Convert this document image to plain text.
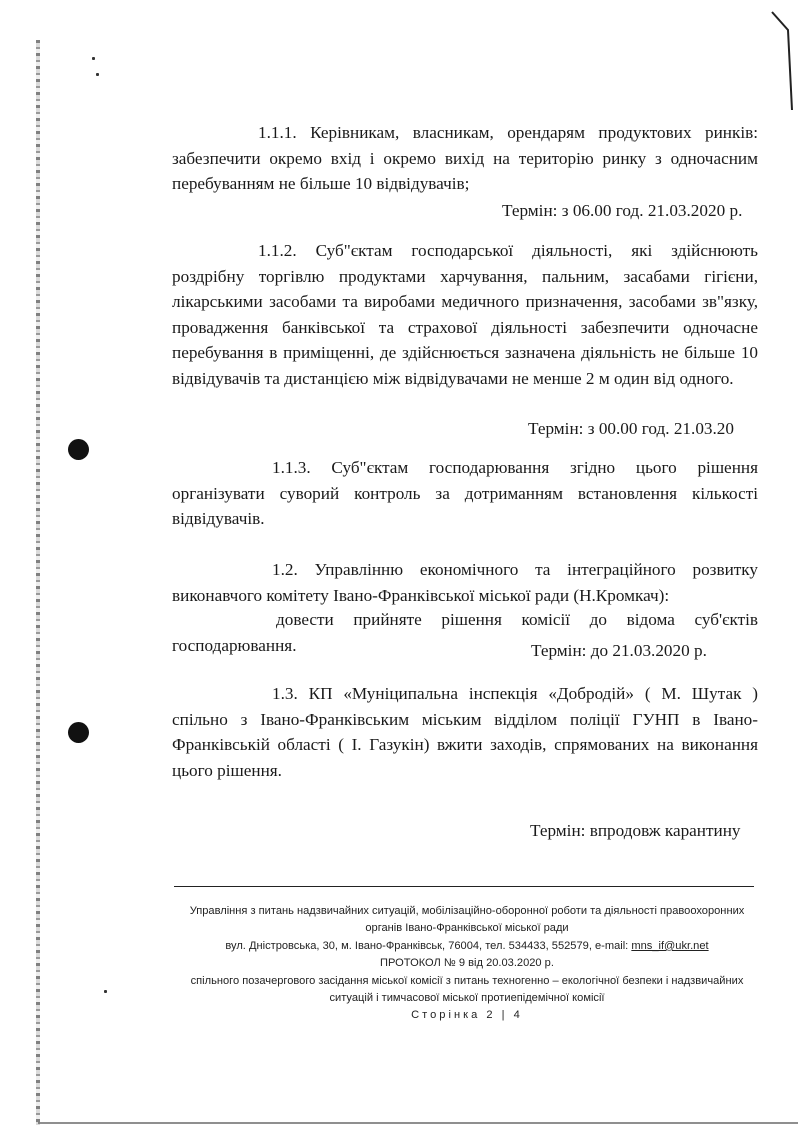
1.1.1. Керівникам, власникам, орендарям продуктових ринків: забезпечити окремо вхід і окремо вихід на територію ринку з одночасним перебуванням не більше 10 відвідувачів;

Термін: з 06.00 год. 21.03.2020 р.

1.1.2. Суб"єктам господарської діяльності, які здійснюють роздрібну торгівлю продуктами харчування, пальним, засабами гігієни, лікарськими засобами та виробами медичного призначення, засобами зв"язку, провадження банківської та страхової діяльності забезпечити одночасне перебування в приміщенні, де здійснюється зазначена діяльність не більше 10 відвідувачів та дистанцією між відвідувачами не менше 2 м один від одного.

Термін: з 00.00 год. 21.03.20

1.1.3. Суб"єктам господарювання згідно цього рішення організувати суворий контроль за дотриманням встановлення кількості відвідувачів.

1.2. Управлінню економічного та інтеграційного розвитку виконавчого комітету Івано-Франківської міської ради (Н.Кромкач):

довести прийняте рішення комісії до відома суб'єктів господарювання.	Термін: до 21.03.2020 р.

1.3. КП «Муніципальна інспекція «Добродій» ( М. Шутак ) спільно з Івано-Франківським міським відділом поліції ГУНП в Івано-Франківській області ( І. Газукін) вжити заходів, спрямованих на виконання цього рішення.

Термін: впродовж карантину

Управління з питань надзвичайних ситуацій, мобілізаційно-оборонної роботи та діяльності правоохоронних

органів Івано-Франківської міської ради

вул. Дністровська, 30, м. Івано-Франківськ, 76004, тел. 534433, 552579, e-mail: mns_if@ukr.net

ПРОТОКОЛ № 9 від 20.03.2020 р.

спільного позачергового засідання міської комісії з питань техногенно – екологічної безпеки і надзвичайних

ситуацій і тимчасової міської протиепідемічної комісії

Сторінка 2 | 4
